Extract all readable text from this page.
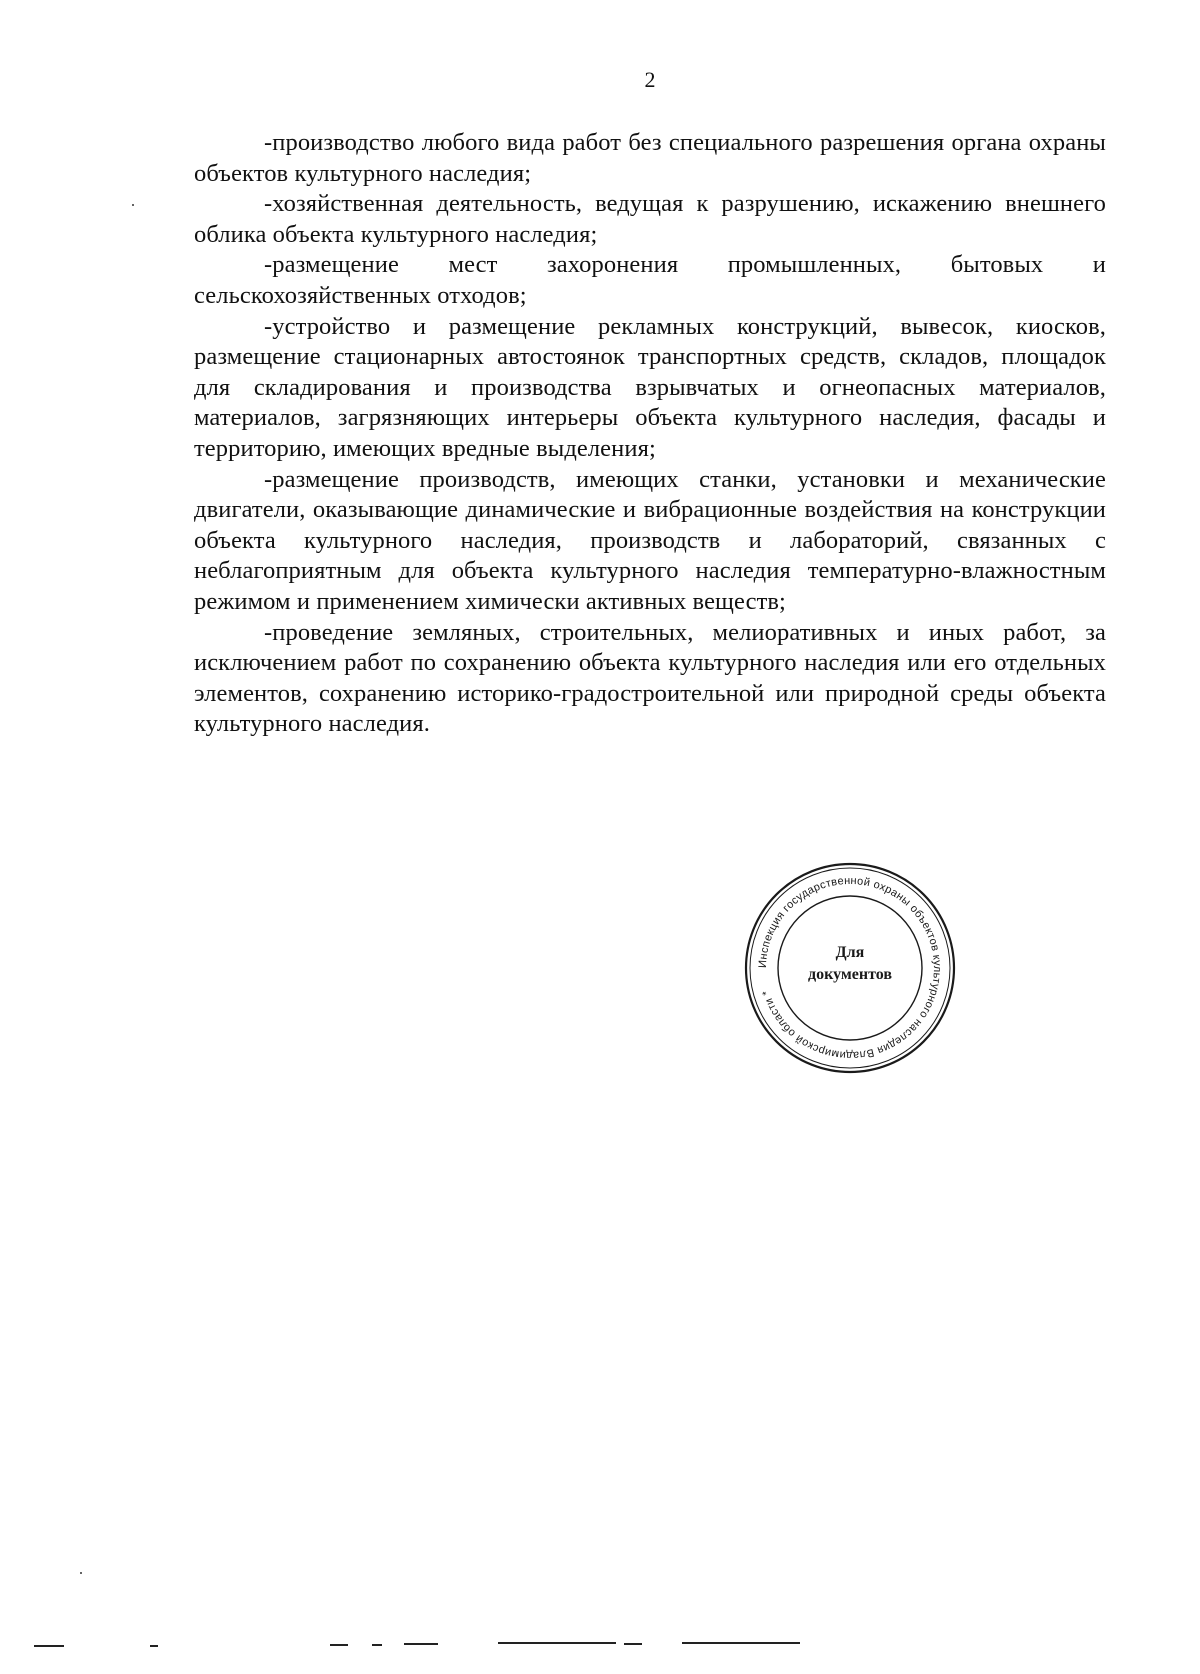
2

-производство любого вида работ без специального разрешения органа охраны объектов культурного наследия;

-хозяйственная деятельность, ведущая к разрушению, искажению внешнего облика объекта культурного наследия;

-размещение мест захоронения промышленных, бытовых и сельскохозяйственных отходов;

-устройство и размещение рекламных конструкций, вывесок, киосков, размещение стационарных автостоянок транспортных средств, складов, площадок для складирования и производства взрывчатых и огнеопасных материалов, материалов, загрязняющих интерьеры объекта культурного наследия, фасады и территорию, имеющих вредные выделения;

-размещение производств, имеющих станки, установки и механические двигатели, оказывающие динамические и вибрационные воздействия на конструкции объекта культурного наследия, производств и лабораторий, связанных с неблагоприятным для объекта культурного наследия температурно-влажностным режимом и применением химически активных веществ;

-проведение земляных, строительных, мелиоративных и иных работ, за исключением работ по сохранению объекта культурного наследия или его отдельных элементов, сохранению историко-градостроительной или природной среды объекта культурного наследия.

Инспекция государственной охраны объектов культурного наследия Владимирской области *
Для
документов
